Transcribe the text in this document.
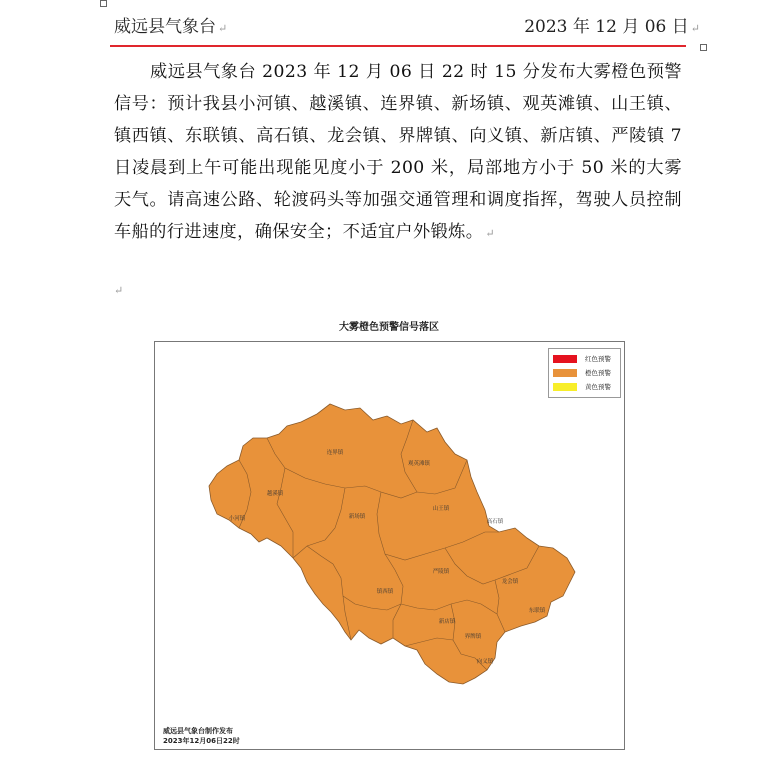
威远县气象台 ↵	2023 年 12 月 06 日 ↵

威远县气象台 2023 年 12 月 06 日 22 时 15 分发布大雾橙色预警信号：预计我县小河镇、越溪镇、连界镇、新场镇、观英滩镇、山王镇、镇西镇、东联镇、高石镇、龙会镇、界牌镇、向义镇、新店镇、严陵镇 7 日凌晨到上午可能出现能见度小于 200 米，局部地方小于 50 米的大雾天气。请高速公路、轮渡码头等加强交通管理和调度指挥，驾驶人员控制车船的行进速度，确保安全；不适宜户外锻炼。 ↵

↵
大雾橙色预警信号落区
红色预警
橙色预警
黄色预警
连界镇
观英滩镇
越溪镇
小河镇	新场镇
山王镇
高石镇
严陵镇
龙会镇
镇西镇
东联镇
新店镇
界牌镇
向义镇
威远县气象台制作发布
2023年12月06日22时
